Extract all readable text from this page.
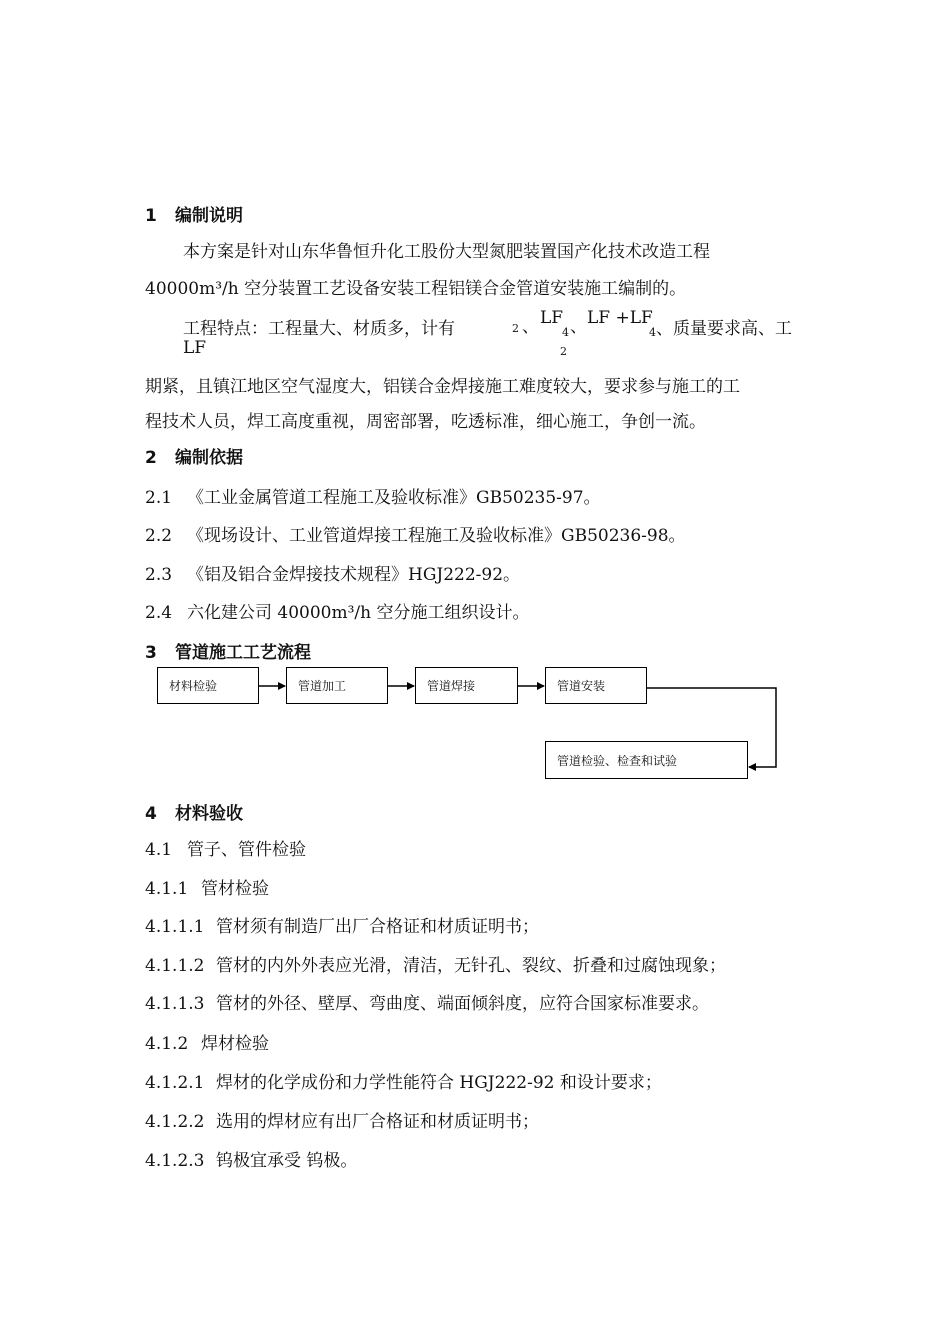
1 编制说明
本方案是针对山东华鲁恒升化工股份大型氮肥装置国产化技术改造工程
40000m³/h 空分装置工艺设备安装工程铝镁合金管道安装施工编制的。
工程特点：工程量大、材质多，计有
LF
2 、 LF
4 、 LF +LF
4
2
、质量要求高、工
期紧，且镇江地区空气湿度大，铝镁合金焊接施工难度较大，要求参与施工的工
程技术人员，焊工高度重视，周密部署，吃透标准，细心施工，争创一流。
2 编制依据
2.1 《工业金属管道工程施工及验收标准》GB50235-97。
2.2 《现场设计、工业管道焊接工程施工及验收标准》GB50236-98。
2.3 《铝及铝合金焊接技术规程》HGJ222-92。
2.4 六化建公司 40000m³/h 空分施工组织设计。
3 管道施工工艺流程
材料检验	管道加工	管道焊接	管道安装
管道检验、检查和试验
4 材料验收
4.1 管子、管件检验
4.1.1 管材检验
4.1.1.1 管材须有制造厂出厂合格证和材质证明书；
4.1.1.2 管材的内外外表应光滑，清洁，无针孔、裂纹、折叠和过腐蚀现象；
4.1.1.3 管材的外径、壁厚、弯曲度、端面倾斜度，应符合国家标准要求。
4.1.2 焊材检验
4.1.2.1 焊材的化学成份和力学性能符合 HGJ222-92 和设计要求；
4.1.2.2 选用的焊材应有出厂合格证和材质证明书；
4.1.2.3 钨极宜承受 钨极。
